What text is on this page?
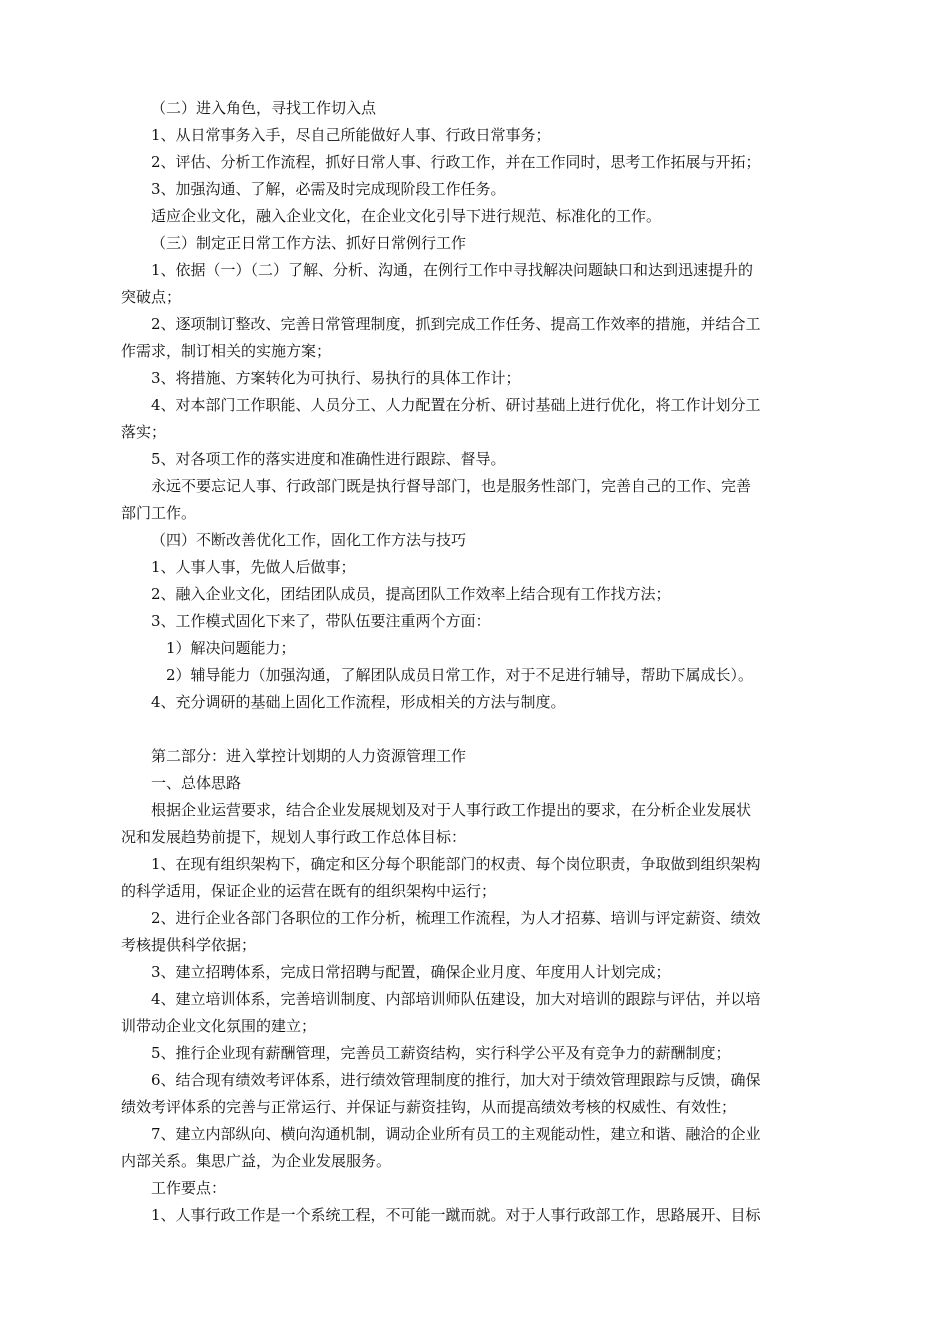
（二）进入角色，寻找工作切入点
1、从日常事务入手，尽自己所能做好人事、行政日常事务；
2、评估、分析工作流程，抓好日常人事、行政工作，并在工作同时，思考工作拓展与开拓；
3、加强沟通、了解，必需及时完成现阶段工作任务。
适应企业文化，融入企业文化，在企业文化引导下进行规范、标准化的工作。
（三）制定正日常工作方法、抓好日常例行工作
1、依据（一）（二）了解、分析、沟通，在例行工作中寻找解决问题缺口和达到迅速提升的
突破点；
2、逐项制订整改、完善日常管理制度，抓到完成工作任务、提高工作效率的措施，并结合工
作需求，制订相关的实施方案；
3、将措施、方案转化为可执行、易执行的具体工作计；
4、对本部门工作职能、人员分工、人力配置在分析、研讨基础上进行优化，将工作计划分工
落实；
5、对各项工作的落实进度和准确性进行跟踪、督导。
永远不要忘记人事、行政部门既是执行督导部门，也是服务性部门，完善自己的工作、完善
部门工作。
（四）不断改善优化工作，固化工作方法与技巧
1、人事人事，先做人后做事；
2、融入企业文化，团结团队成员，提高团队工作效率上结合现有工作找方法；
3、工作模式固化下来了，带队伍要注重两个方面：
1）解决问题能力；
2）辅导能力（加强沟通，了解团队成员日常工作，对于不足进行辅导，帮助下属成长）。
4、充分调研的基础上固化工作流程，形成相关的方法与制度。
第二部分：进入掌控计划期的人力资源管理工作
一、总体思路
根据企业运营要求，结合企业发展规划及对于人事行政工作提出的要求，在分析企业发展状
况和发展趋势前提下，规划人事行政工作总体目标：
1、在现有组织架构下，确定和区分每个职能部门的权责、每个岗位职责，争取做到组织架构
的科学适用，保证企业的运营在既有的组织架构中运行；
2、进行企业各部门各职位的工作分析，梳理工作流程，为人才招募、培训与评定薪资、绩效
考核提供科学依据；
3、建立招聘体系，完成日常招聘与配置，确保企业月度、年度用人计划完成；
4、建立培训体系，完善培训制度、内部培训师队伍建设，加大对培训的跟踪与评估，并以培
训带动企业文化氛围的建立；
5、推行企业现有薪酬管理，完善员工薪资结构，实行科学公平及有竞争力的薪酬制度；
6、结合现有绩效考评体系，进行绩效管理制度的推行，加大对于绩效管理跟踪与反馈，确保
绩效考评体系的完善与正常运行、并保证与薪资挂钩，从而提高绩效考核的权威性、有效性；
7、建立内部纵向、横向沟通机制，调动企业所有员工的主观能动性，建立和谐、融洽的企业
内部关系。集思广益，为企业发展服务。
工作要点：
1、人事行政工作是一个系统工程，不可能一蹴而就。对于人事行政部工作，思路展开、目标
